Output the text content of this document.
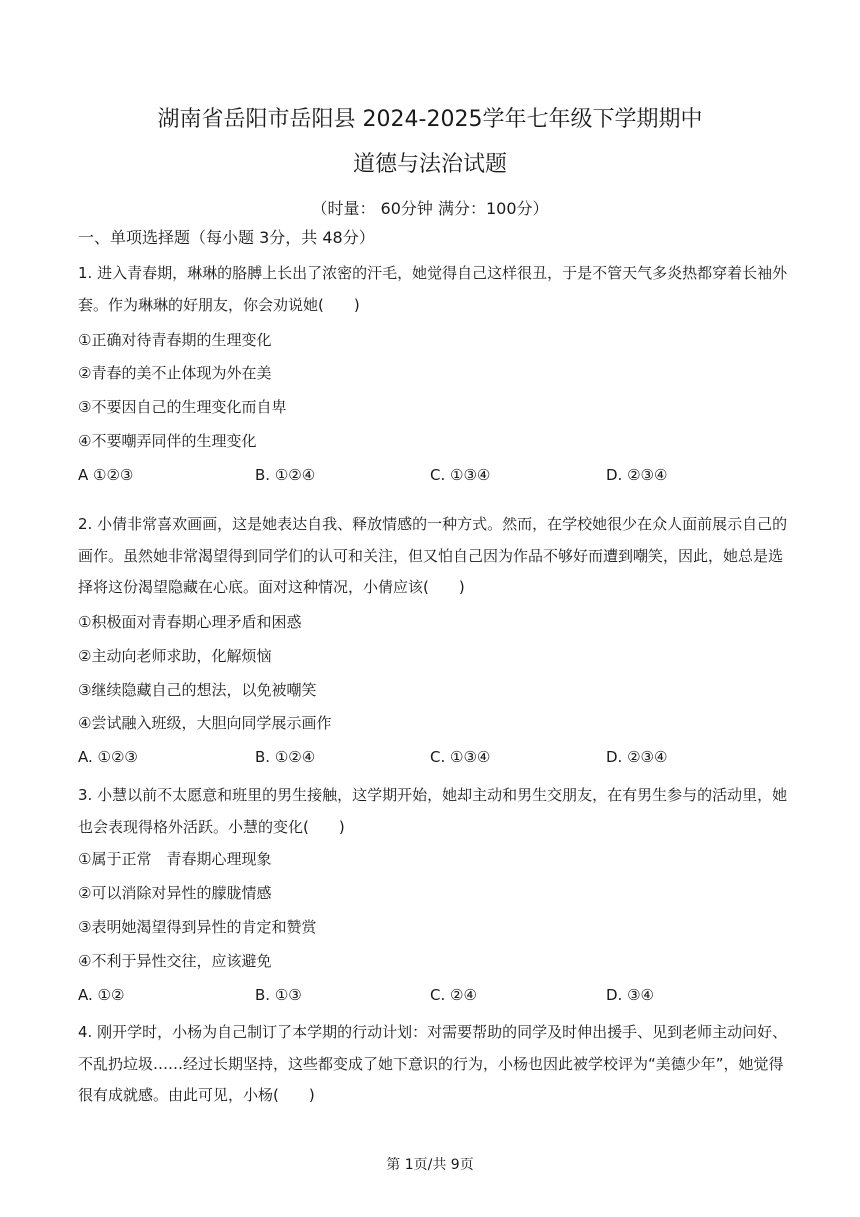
湖南省岳阳市岳阳县 2024-2025学年七年级下学期期中
道德与法治试题
（时量： 60分钟 满分：100分）
一、单项选择题（每小题 3分，共 48分）
1. 进入青春期，琳琳的胳膊上长出了浓密的汗毛，她觉得自己这样很丑，于是不管天气多炎热都穿着长袖外套。作为琳琳的好朋友，你会劝说她(　　)
①正确对待青春期的生理变化
②青春的美不止体现为外在美
③不要因自己的生理变化而自卑
④不要嘲弄同伴的生理变化
A ①②③	B. ①②④	C. ①③④	D. ②③④
2. 小倩非常喜欢画画，这是她表达自我、释放情感的一种方式。然而，在学校她很少在众人面前展示自己的画作。虽然她非常渴望得到同学们的认可和关注，但又怕自己因为作品不够好而遭到嘲笑，因此，她总是选择将这份渴望隐藏在心底。面对这种情况，小倩应该(　　)
①积极面对青春期心理矛盾和困惑
②主动向老师求助，化解烦恼
③继续隐藏自己的想法，以免被嘲笑
④尝试融入班级，大胆向同学展示画作
A. ①②③	B. ①②④	C. ①③④	D. ②③④
3. 小慧以前不太愿意和班里的男生接触，这学期开始，她却主动和男生交朋友，在有男生参与的活动里，她也会表现得格外活跃。小慧的变化(　　)
①属于正常　青春期心理现象
②可以消除对异性的朦胧情感
③表明她渴望得到异性的肯定和赞赏
④不利于异性交往，应该避免
A. ①②	B. ①③	C. ②④	D. ③④
4. 刚开学时，小杨为自己制订了本学期的行动计划：对需要帮助的同学及时伸出援手、见到老师主动问好、不乱扔垃圾……经过长期坚持，这些都变成了她下意识的行为，小杨也因此被学校评为“美德少年”，她觉得很有成就感。由此可见，小杨(　　)
第 1页/共 9页
